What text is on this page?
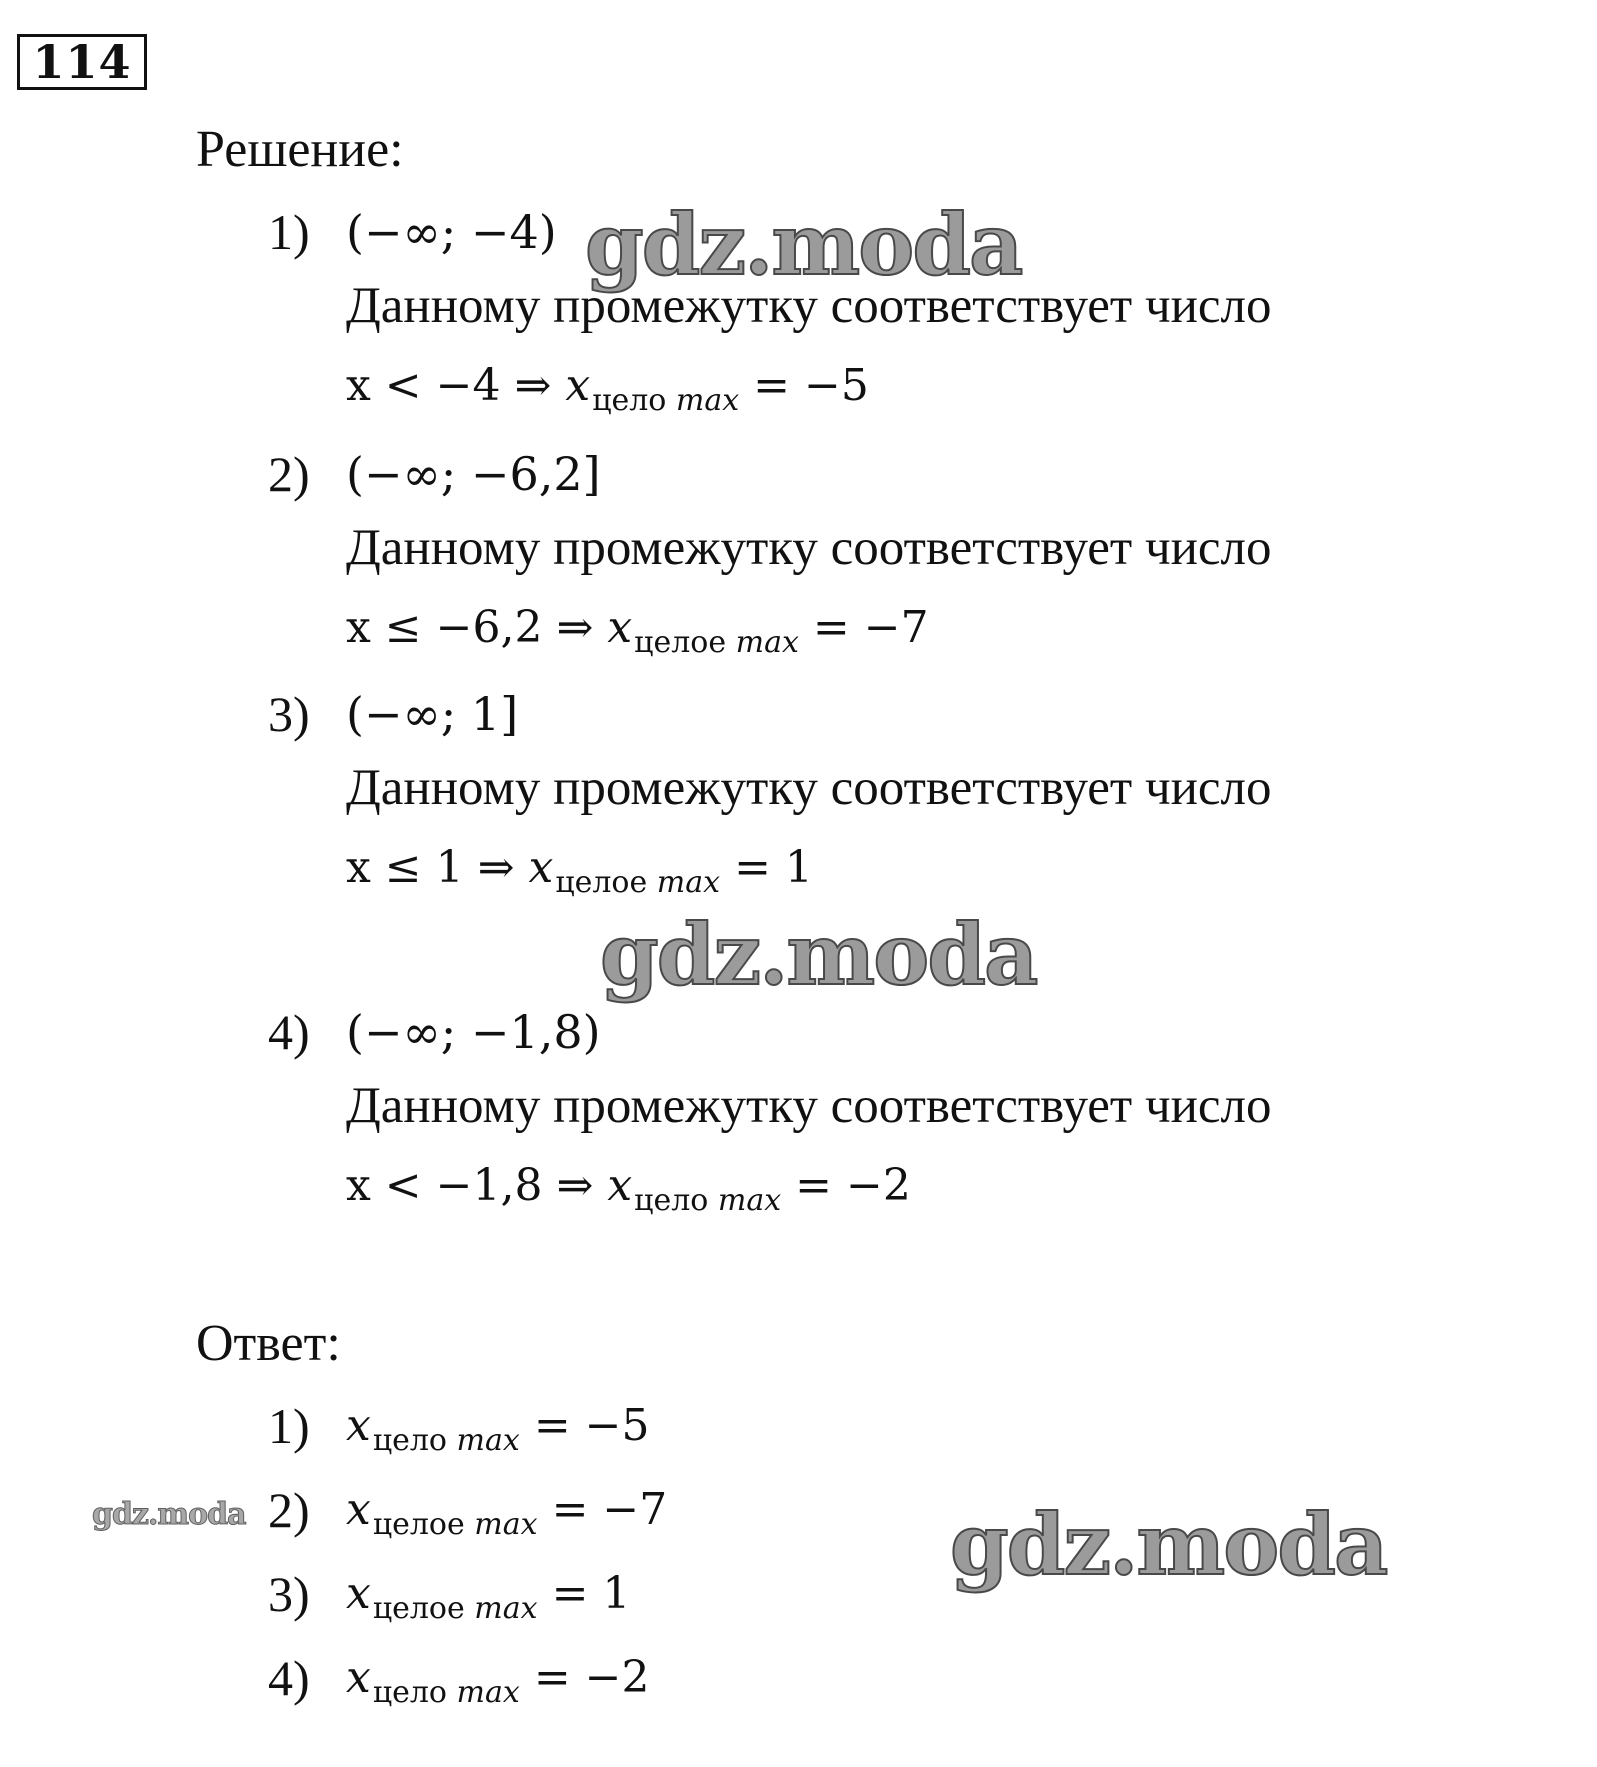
114
Решение:
1) (−∞; −4)
Данному промежутку соответствует число
x < −4 ⇒ $x_{цело max} = -5$
2) (−∞; −6,2]
Данному промежутку соответствует число
x ≤ −6,2 ⇒ $x_{целое max} = -7$
3) (−∞; 1]
Данному промежутку соответствует число
x ≤ 1 ⇒ $x_{целое max} = 1$
4) (−∞; −1,8)
Данному промежутку соответствует число
x < −1,8 ⇒ $x_{цело max} = -2$
Ответ:
1) $x_{цело max} = -5$
2) $x_{целое max} = -7$
3) $x_{целое max} = 1$
4) $x_{цело max} = -2$
gdz.moda
gdz.moda
gdz.moda	gdz.moda
